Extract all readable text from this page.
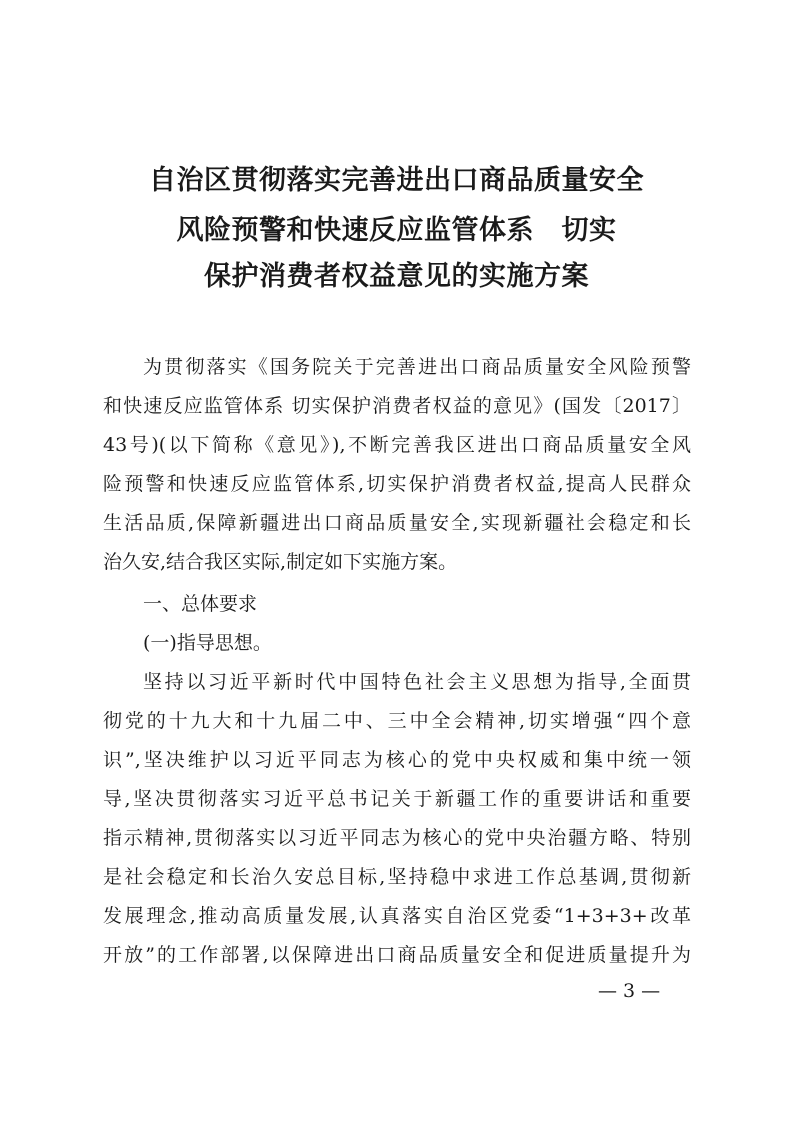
自治区贯彻落实完善进出口商品质量安全
风险预警和快速反应监管体系　切实
保护消费者权益意见的实施方案
为贯彻落实《国务院关于完善进出口商品质量安全风险预警
和快速反应监管体系 切实保护消费者权益的意见》(国发〔2017〕
43号)(以下简称《意见》),不断完善我区进出口商品质量安全风
险预警和快速反应监管体系,切实保护消费者权益,提高人民群众
生活品质,保障新疆进出口商品质量安全,实现新疆社会稳定和长
治久安,结合我区实际,制定如下实施方案。
一、总体要求
(一)指导思想。
坚持以习近平新时代中国特色社会主义思想为指导,全面贯
彻党的十九大和十九届二中、三中全会精神,切实增强“四个意
识”,坚决维护以习近平同志为核心的党中央权威和集中统一领
导,坚决贯彻落实习近平总书记关于新疆工作的重要讲话和重要
指示精神,贯彻落实以习近平同志为核心的党中央治疆方略、特别
是社会稳定和长治久安总目标,坚持稳中求进工作总基调,贯彻新
发展理念,推动高质量发展,认真落实自治区党委“1+3+3+改革
开放”的工作部署,以保障进出口商品质量安全和促进质量提升为
— 3 —
